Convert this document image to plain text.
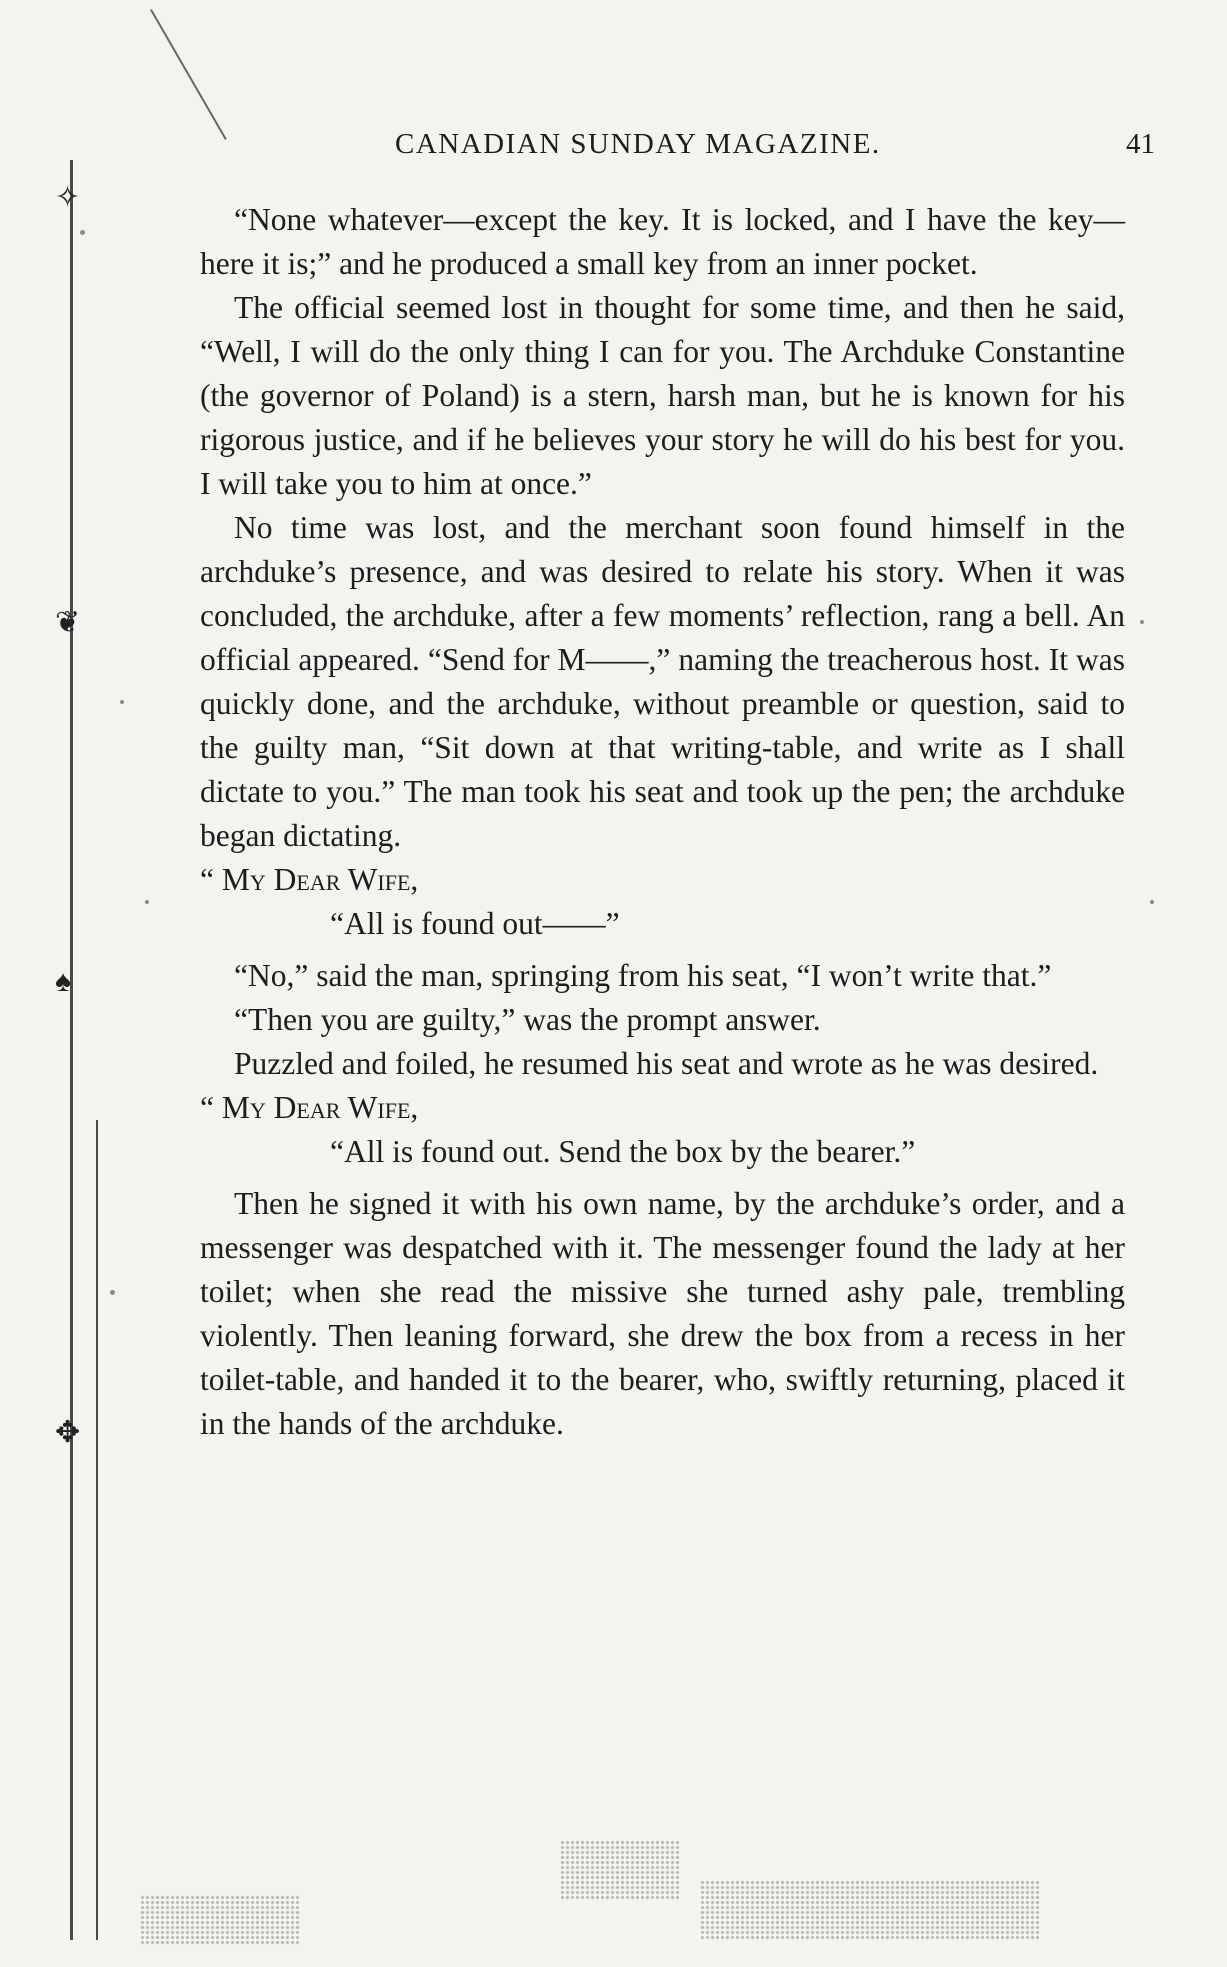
✧
❦
♠
✥
CANADIAN SUNDAY MAGAZINE.	41

“None whatever—except the key. It is locked, and I have the key—here it is;” and he produced a small key from an inner pocket.

The official seemed lost in thought for some time, and then he said, “Well, I will do the only thing I can for you. The Archduke Constantine (the governor of Poland) is a stern, harsh man, but he is known for his rigorous justice, and if he believes your story he will do his best for you. I will take you to him at once.”

No time was lost, and the merchant soon found himself in the archduke’s presence, and was desired to relate his story. When it was concluded, the archduke, after a few moments’ reflection, rang a bell. An official appeared. “Send for M——,” naming the treacherous host. It was quickly done, and the archduke, without preamble or question, said to the guilty man, “Sit down at that writing-table, and write as I shall dictate to you.” The man took his seat and took up the pen; the archduke began dictating.

“ My Dear Wife,

“All is found out——”

“No,” said the man, springing from his seat, “I won’t write that.”

“Then you are guilty,” was the prompt answer.

Puzzled and foiled, he resumed his seat and wrote as he was desired.

“ My Dear Wife,

“All is found out. Send the box by the bearer.”

Then he signed it with his own name, by the archduke’s order, and a messenger was despatched with it. The messenger found the lady at her toilet; when she read the missive she turned ashy pale, trembling violently. Then leaning forward, she drew the box from a recess in her toilet-table, and handed it to the bearer, who, swiftly returning, placed it in the hands of the archduke.
